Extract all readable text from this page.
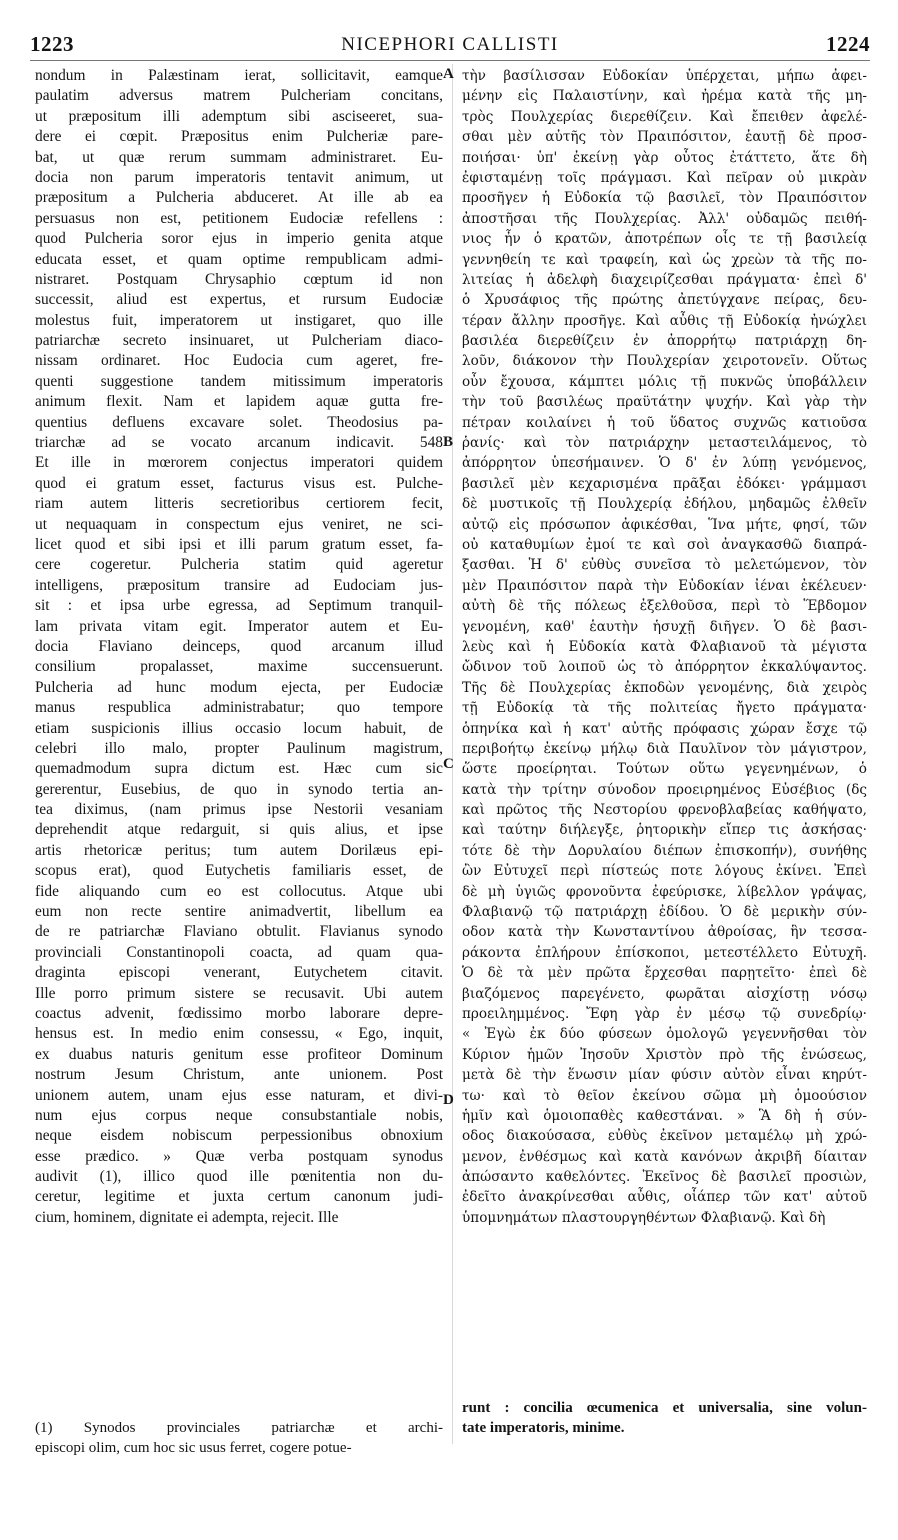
1223	NICEPHORI CALLISTI	1224
A
B
C
D
nondum in Palæstinam ierat, sollicitavit, eamque
paulatim adversus matrem Pulcheriam concitans,
ut præpositum illi ademptum sibi asciseeret, sua-
dere ei cœpit. Præpositus enim Pulcheriæ pare-
bat, ut quæ rerum summam administraret. Eu-
docia non parum imperatoris tentavit animum, ut
præpositum a Pulcheria abduceret. At ille ab ea
persuasus non est, petitionem Eudociæ refellens :
quod Pulcheria soror ejus in imperio genita atque
educata esset, et quam optime rempublicam admi-
nistraret. Postquam Chrysaphio cœptum id non
successit, aliud est expertus, et rursum Eudociæ
molestus fuit, imperatorem ut instigaret, quo ille
patriarchæ secreto insinuaret, ut Pulcheriam diaco-
nissam ordinaret. Hoc Eudocia cum ageret, fre-
quenti suggestione tandem mitissimum imperatoris
animum flexit. Nam et lapidem aquæ gutta fre-
quentius defluens excavare solet. Theodosius pa-
triarchæ ad se vocato arcanum indicavit. 548
Et ille in mœrorem conjectus imperatori quidem
quod ei gratum esset, facturus visus est. Pulche-
riam autem litteris secretioribus certiorem fecit,
ut nequaquam in conspectum ejus veniret, ne sci-
licet quod et sibi ipsi et illi parum gratum esset, fa-
cere cogeretur. Pulcheria statim quid ageretur
intelligens, præpositum transire ad Eudociam jus-
sit : et ipsa urbe egressa, ad Septimum tranquil-
lam privata vitam egit. Imperator autem et Eu-
docia Flaviano deinceps, quod arcanum illud
consilium propalasset, maxime succensuerunt.
Pulcheria ad hunc modum ejecta, per Eudociæ
manus respublica administrabatur; quo tempore
etiam suspicionis illius occasio locum habuit, de
celebri illo malo, propter Paulinum magistrum,
quemadmodum supra dictum est. Hæc cum sic
gererentur, Eusebius, de quo in synodo tertia an-
tea diximus, (nam primus ipse Nestorii vesaniam
deprehendit atque redarguit, si quis alius, et ipse
artis rhetoricæ peritus; tum autem Dorilæus epi-
scopus erat), quod Eutychetis familiaris esset, de
fide aliquando cum eo est collocutus. Atque ubi
eum non recte sentire animadvertit, libellum ea
de re patriarchæ Flaviano obtulit. Flavianus synodo
provinciali Constantinopoli coacta, ad quam qua-
draginta episcopi venerant, Eutychetem citavit.
Ille porro primum sistere se recusavit. Ubi autem
coactus advenit, fœdissimo morbo laborare depre-
hensus est. In medio enim consessu, « Ego, inquit,
ex duabus naturis genitum esse profiteor Dominum
nostrum Jesum Christum, ante unionem. Post
unionem autem, unam ejus esse naturam, et divi-
num ejus corpus neque consubstantiale nobis,
neque eisdem nobiscum perpessionibus obnoxium
esse prædico. » Quæ verba postquam synodus
audivit (1), illico quod ille pœnitentia non du-
ceretur, legitime et juxta certum canonum judi-
cium, hominem, dignitate ei adempta, rejecit. Ille
τὴν βασίλισσαν Εὐδοκίαν ὑπέρχεται, μήπω ἀφει-
μένην εἰς Παλαιστίνην, καὶ ἠρέμα κατὰ τῆς μη-
τρὸς Πουλχερίας διερεθίζειν. Καὶ ἔπειθεν ἀφελέ-
σθαι μὲν αὐτῆς τὸν Πραιπόσιτον, ἑαυτῇ δὲ προσ-
ποιήσαι· ὑπ' ἐκείνῃ γὰρ οὗτος ἐτάττετο, ἅτε δὴ
ἐφισταμένῃ τοῖς πράγμασι. Καὶ πεῖραν οὐ μικρὰν
προσῆγεν ἡ Εὐδοκία τῷ βασιλεῖ, τὸν Πραιπόσιτον
ἀποστῆσαι τῆς Πουλχερίας. Ἀλλ' οὐδαμῶς πειθή-
νιος ἦν ὁ κρατῶν, ἀποτρέπων οἷς τε τῇ βασιλείᾳ
γεννηθείη τε καὶ τραφείη, καὶ ὡς χρεὼν τὰ τῆς πο-
λιτείας ἡ ἀδελφὴ διαχειρίζεσθαι πράγματα· ἐπεὶ δ'
ὁ Χρυσάφιος τῆς πρώτης ἀπετύγχανε πείρας, δευ-
τέραν ἄλλην προσῆγε. Καὶ αὖθις τῇ Εὐδοκίᾳ ἠνώχλει
βασιλέα διερεθίζειν ἐν ἀπορρήτῳ πατριάρχῃ δη-
λοῦν, διάκονον τὴν Πουλχερίαν χειροτονεῖν. Οὕτως
οὖν ἔχουσα, κάμπτει μόλις τῇ πυκνῶς ὑποβάλλειν
τὴν τοῦ βασιλέως πραϋτάτην ψυχήν. Καὶ γὰρ τὴν
πέτραν κοιλαίνει ἡ τοῦ ὕδατος συχνῶς κατιοῦσα
ῥανίς· καὶ τὸν πατριάρχην μεταστειλάμενος, τὸ
ἀπόρρητον ὑπεσήμαινεν. Ὁ δ' ἐν λύπῃ γενόμενος,
βασιλεῖ μὲν κεχαρισμένα πρᾶξαι ἐδόκει· γράμμασι
δὲ μυστικοῖς τῇ Πουλχερίᾳ ἐδήλου, μηδαμῶς ἐλθεῖν
αὐτῷ εἰς πρόσωπον ἀφικέσθαι, Ἵνα μήτε, φησί, τῶν
οὐ καταθυμίων ἐμοί τε καὶ σοὶ ἀναγκασθῶ διαπρά-
ξασθαι. Ἡ δ' εὐθὺς συνεῖσα τὸ μελετώμενον, τὸν
μὲν Πραιπόσιτον παρὰ τὴν Εὐδοκίαν ἰέναι ἐκέλευεν·
αὐτὴ δὲ τῆς πόλεως ἐξελθοῦσα, περὶ τὸ Ἕβδομον
γενομένη, καθ' ἑαυτὴν ἡσυχῇ διῆγεν. Ὁ δὲ βασι-
λεὺς καὶ ἡ Εὐδοκία κατὰ Φλαβιανοῦ τὰ μέγιστα
ὤδινον τοῦ λοιποῦ ὡς τὸ ἀπόρρητον ἐκκαλύψαντος.
Τῆς δὲ Πουλχερίας ἐκποδὼν γενομένης, διὰ χειρὸς
τῇ Εὐδοκίᾳ τὰ τῆς πολιτείας ἤγετο πράγματα·
ὁπηνίκα καὶ ἡ κατ' αὐτῆς πρόφασις χώραν ἔσχε τῷ
περιβοήτῳ ἐκείνῳ μήλῳ διὰ Παυλῖνον τὸν μάγιστρον,
ὥστε προείρηται. Τούτων οὕτω γεγενημένων, ὁ
κατὰ τὴν τρίτην σύνοδον προειρημένος Εὐσέβιος (δς
καὶ πρῶτος τῆς Νεστορίου φρενοβλαβείας καθήψατο,
καὶ ταύτην διήλεγξε, ῥητορικὴν εἴπερ τις ἀσκήσας·
τότε δὲ τὴν Δορυλαίου διέπων ἐπισκοπήν), συνήθης
ὢν Εὐτυχεῖ περὶ πίστεώς ποτε λόγους ἐκίνει. Ἐπεὶ
δὲ μὴ ὑγιῶς φρονοῦντα ἐφεύρισκε, λίβελλον γράψας,
Φλαβιανῷ τῷ πατριάρχῃ ἐδίδου. Ὁ δὲ μερικὴν σύν-
οδον κατὰ τὴν Κωνσταντίνου ἀθροίσας, ἣν τεσσα-
ράκοντα ἐπλήρουν ἐπίσκοποι, μετεστέλλετο Εὐτυχῆ.
Ὁ δὲ τὰ μὲν πρῶτα ἔρχεσθαι παρῃτεῖτο· ἐπεὶ δὲ
βιαζόμενος παρεγένετο, φωρᾶται αἰσχίστῃ νόσῳ
προειλημμένος. Ἔφη γὰρ ἐν μέσῳ τῷ συνεδρίῳ·
« Ἐγὼ ἐκ δύο φύσεων ὁμολογῶ γεγεννῆσθαι τὸν
Κύριον ἡμῶν Ἰησοῦν Χριστὸν πρὸ τῆς ἑνώσεως,
μετὰ δὲ τὴν ἕνωσιν μίαν φύσιν αὐτὸν εἶναι κηρύτ-
τω· καὶ τὸ θεῖον ἐκείνου σῶμα μὴ ὁμοούσιον
ἡμῖν καὶ ὁμοιοπαθὲς καθεστάναι. » Ἃ δὴ ἡ σύν-
οδος διακούσασα, εὐθὺς ἐκεῖνον μεταμέλῳ μὴ χρώ-
μενον, ἐνθέσμως καὶ κατὰ κανόνων ἀκριβῆ δίαιταν
ἀπώσαντο καθελόντες. Ἐκεῖνος δὲ βασιλεῖ προσιὼν,
ἐδεῖτο ἀνακρίνεσθαι αὖθις, οἷάπερ τῶν κατ' αὐτοῦ
ὑπομνημάτων πλαστουργηθέντων Φλαβιανῷ. Καὶ δὴ
(1) Synodos provinciales patriarchæ et archi-
episcopi olim, cum hoc sic usus ferret, cogere potue-
runt : concilia œcumenica et universalia, sine volun-
tate imperatoris, minime.
